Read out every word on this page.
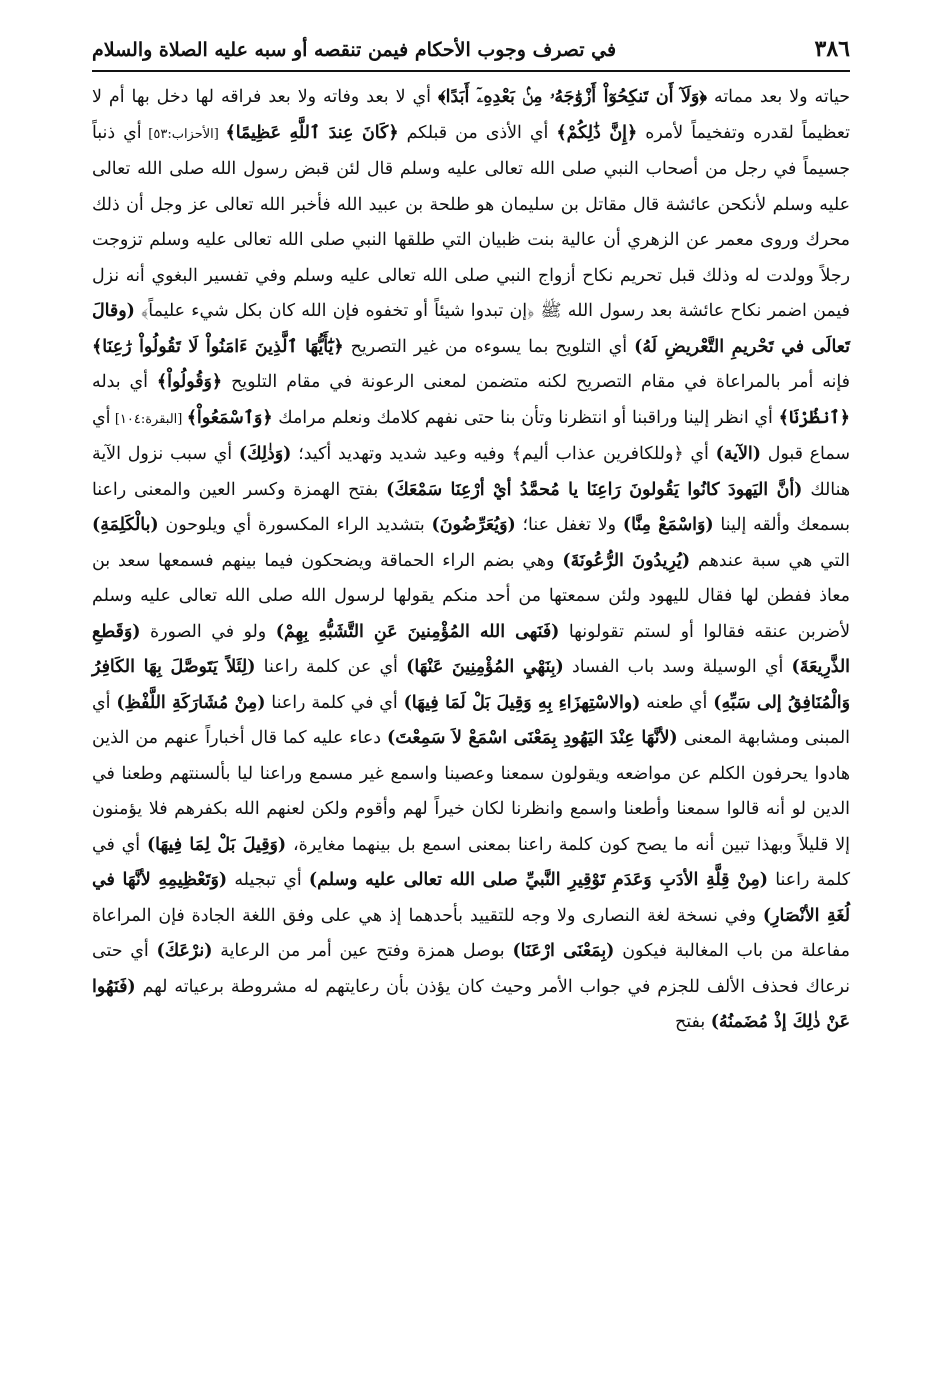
٣٨٦
في تصرف وجوب الأحكام فيمن تنقصه أو سبه عليه الصلاة والسلام

حياته ولا بعد مماته ﴿وَلَآ أَن تَنكِحُوٓاْ أَزْوَٰجَهُۥ مِنۢ بَعْدِهِۦٓ أَبَدًا﴾ أي لا بعد وفاته ولا بعد فراقه لها دخل بها أم لا تعظيماً لقدره وتفخيماً لأمره ﴿إِنَّ ذَٰلِكُمْ﴾ أي الأذى من قبلكم ﴿كَانَ عِندَ ٱللَّهِ عَظِيمًا﴾ [الأحزاب:٥٣] أي ذنباً جسيماً في رجل من أصحاب النبي صلى الله تعالى عليه وسلم قال لئن قبض رسول الله صلى الله تعالى عليه وسلم لأنكحن عائشة قال مقاتل بن سليمان هو طلحة بن عبيد الله فأخبر الله تعالى عز وجل أن ذلك محرك وروى معمر عن الزهري أن عالية بنت ظبيان التي طلقها النبي صلى الله تعالى عليه وسلم تزوجت رجلاً وولدت له وذلك قبل تحريم نكاح أزواج النبي صلى الله تعالى عليه وسلم وفي تفسير البغوي أنه نزل فيمن اضمر نكاح عائشة بعد رسول الله ﷺ ﴿إن تبدوا شيئاً أو تخفوه فإن الله كان بكل شيء عليماً﴾ (وقالَ تَعالَى في تَحْريمِ التَّعْريضِ لَهُ) أي التلويح بما يسوءه من غير التصريح ﴿يَٰٓأَيُّهَا ٱلَّذِينَ ءَامَنُواْ لَا تَقُولُواْ رَٰعِنَا﴾ فإنه أمر بالمراعاة في مقام التصريح لكنه متضمن لمعنى الرعونة في مقام التلويح ﴿وَقُولُواْ﴾ أي بدله ﴿ٱنظُرْنَا﴾ أي انظر إلينا وراقبنا أو انتظرنا وتأن بنا حتى نفهم كلامك ونعلم مرامك ﴿وَٱسْمَعُواْ﴾ [البقرة:١٠٤] أي سماع قبول (الآية) أي ﴿وللكافرين عذاب أليم﴾ وفيه وعيد شديد وتهديد أكيد؛ (وَذٰلِكَ) أي سبب نزول الآية هنالك (أنَّ اليَهودَ كانُوا يَقُولونَ رَاعِنَا يا مُحمَّدُ أيْ أرْعِنَا سَمْعَكَ) بفتح الهمزة وكسر العين والمعنى راعنا بسمعك وألقه إلينا (وَاسْمَعْ مِنَّا) ولا تغفل عنا؛ (وَيُعَرِّضُونَ) بتشديد الراء المكسورة أي ويلوحون (بالْكَلِمَةِ) التي هي سبة عندهم (يُرِيدُونَ الرُّعُونَةَ) وهي بضم الراء الحماقة ويضحكون فيما بينهم فسمعها سعد بن معاذ ففطن لها فقال لليهود ولئن سمعتها من أحد منكم يقولها لرسول الله صلى الله تعالى عليه وسلم لأضربن عنقه فقالوا أو لستم تقولونها (فَنَهى الله المُؤْمِنينَ عَنِ التَّشَبُّهِ بِهِمْ) ولو في الصورة (وَقَطعِ الذَّرِيعَةَ) أي الوسيلة وسد باب الفساد (بِنَهْيِ المُؤْمِنِينَ عَنْهَا) أي عن كلمة راعنا (لِئَلاً يَتَوصَّلَ بِهَا الكَافِرُ وَالْمُنَافِقُ إلى سَبِّهِ) أي طعنه (والاسْتِهزَاءِ بِهِ وَقِيلَ بَلْ لَمَا فِيهَا) أي في كلمة راعنا (مِنْ مُشَارَكَةِ اللَّفْظِ) أي المبنى ومشابهة المعنى (لأنَّهَا عِنْدَ اليَهُودِ بِمَعْنَى اسْمَعْ لاَ سَمِعْتَ) دعاء عليه كما قال أخباراً عنهم من الذين هادوا يحرفون الكلم عن مواضعه ويقولون سمعنا وعصينا واسمع غير مسمع وراعنا ليا بألسنتهم وطعنا في الدين لو أنه قالوا سمعنا وأطعنا واسمع وانظرنا لكان خيراً لهم وأقوم ولكن لعنهم الله بكفرهم فلا يؤمنون إلا قليلاً وبهذا تبين أنه ما يصح كون كلمة راعنا بمعنى اسمع بل بينهما مغايرة، (وَقِيلَ بَلْ لِمَا فِيهَا) أي في كلمة راعنا (مِنْ قِلَّةِ الأدَبِ وَعَدَمِ تَوْقِيرِ النَّبيِّ صلى الله تعالى عليه وسلم) أي تبجيله (وَتَعْظِيمِهِ لأنَّهَا في لُغَةِ الأنْصَارِ) وفي نسخة لغة النصارى ولا وجه للتقييد بأحدهما إذ هي على وفق اللغة الجادة فإن المراعاة مفاعلة من باب المغالبة فيكون (بِمَعْنَى ارْعَنَا) بوصل همزة وفتح عين أمر من الرعاية (نرْعَكَ) أي حتى نرعاك فحذف الألف للجزم في جواب الأمر وحيث كان يؤذن بأن رعايتهم له مشروطة برعياته لهم (فَنَهُوا عَنْ ذٰلِكَ إذْ مُضَمنُهُ) بفتح
